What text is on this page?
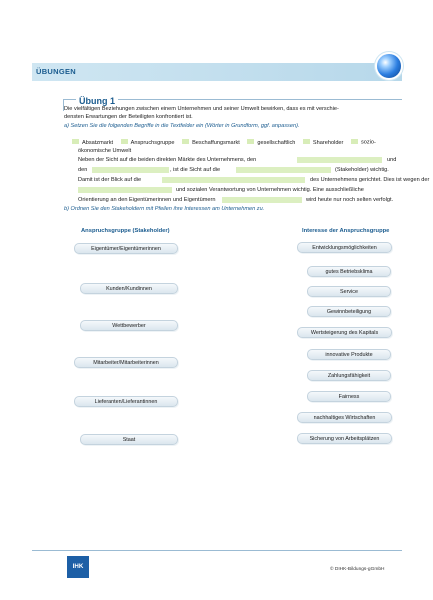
ÜBUNGEN
Übung 1
Die vielfältigen Beziehungen zwischen einem Unternehmen und seiner Umwelt bewirken, dass es mit verschie-
densten Erwartungen der Beteiligten konfrontiert ist.
a) Setzen Sie die folgenden Begriffe in die Textfelder ein (Wörter in Grundform, ggf. anpassen).
Absatzmarkt	Anspruchsgruppe	Beschaffungsmarkt	gesellschaftlich	Shareholder	sozio-
ökonomische Umwelt
Neben der Sicht auf die beiden direkten Märkte des Unternehmens, den	und
den	, ist die Sicht auf die	(Stakeholder) wichtig.
Damit ist der Blick auf die	des Unternehmens gerichtet. Dies ist wegen der
und sozialen Verantwortung von Unternehmen wichtig. Eine ausschließliche
Orientierung an den Eigentümerinnen und Eigentümern	wird heute nur noch selten verfolgt.
b) Ordnen Sie den Stakeholdern mit Pfeilen ihre Interessen am Unternehmen zu.
Anspruchsgruppe (Stakeholder)	Interesse der Anspruchsgruppe
Eigentümer/Eigentümerinnen
Kunden/Kundinnen
Wettbewerber
Mitarbeiter/Mitarbeiterinnen
Lieferanten/Lieferantinnen
Staat
Entwicklungsmöglichkeiten
gutes Betriebsklima
Service
Gewinnbeteiligung
Wertsteigerung des Kapitals
innovative Produkte
Zahlungsfähigkeit
Fairness
nachhaltiges Wirtschaften
Sicherung von Arbeitsplätzen
IHK	© DIHK-Bildungs-gGmbH
